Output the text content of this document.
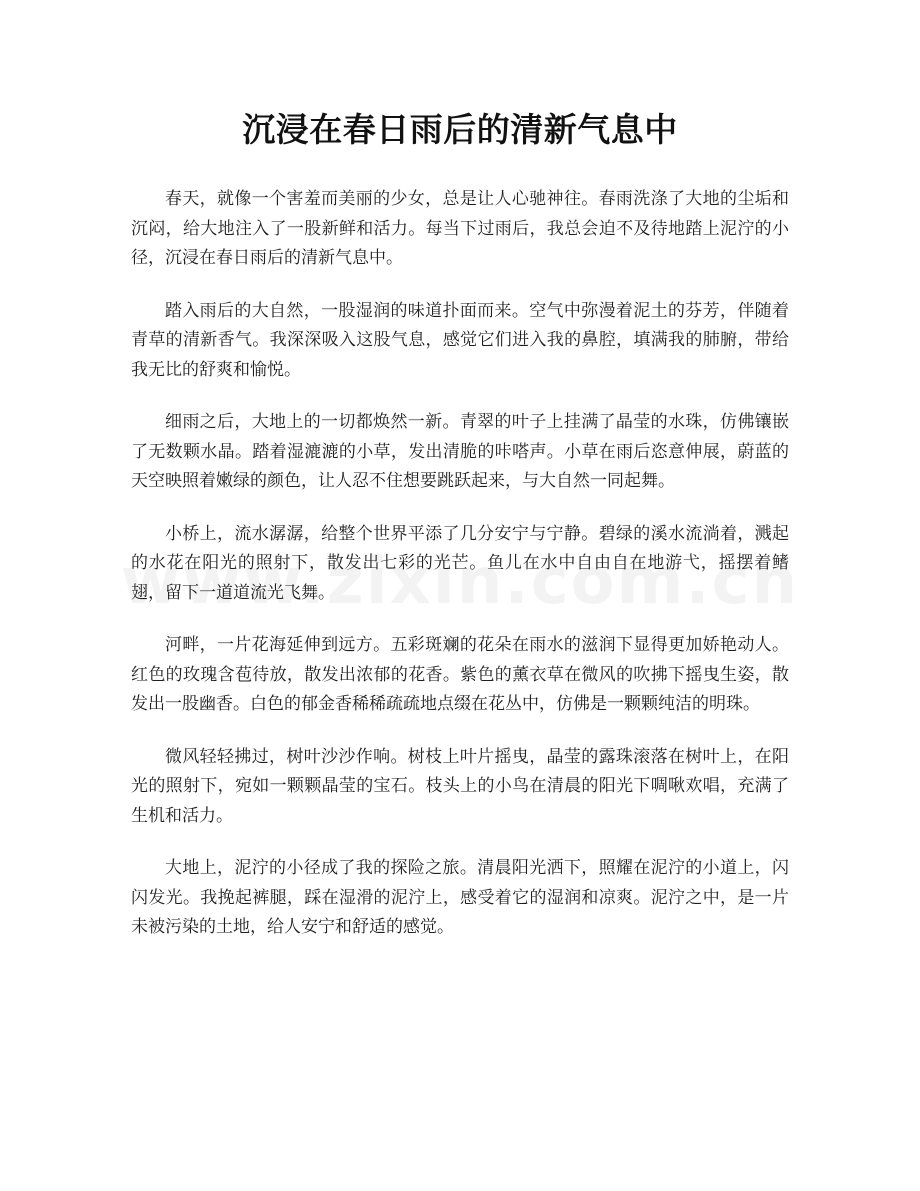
沉浸在春日雨后的清新气息中

春天，就像一个害羞而美丽的少女，总是让人心驰神往。春雨洗涤了大地的尘垢和沉闷，给大地注入了一股新鲜和活力。每当下过雨后，我总会迫不及待地踏上泥泞的小径，沉浸在春日雨后的清新气息中。

踏入雨后的大自然，一股湿润的味道扑面而来。空气中弥漫着泥土的芬芳，伴随着青草的清新香气。我深深吸入这股气息，感觉它们进入我的鼻腔，填满我的肺腑，带给我无比的舒爽和愉悦。

细雨之后，大地上的一切都焕然一新。青翠的叶子上挂满了晶莹的水珠，仿佛镶嵌了无数颗水晶。踏着湿漉漉的小草，发出清脆的咔嗒声。小草在雨后恣意伸展，蔚蓝的天空映照着嫩绿的颜色，让人忍不住想要跳跃起来，与大自然一同起舞。

小桥上，流水潺潺，给整个世界平添了几分安宁与宁静。碧绿的溪水流淌着，溅起的水花在阳光的照射下，散发出七彩的光芒。鱼儿在水中自由自在地游弋，摇摆着鳍翅，留下一道道流光飞舞。

河畔，一片花海延伸到远方。五彩斑斓的花朵在雨水的滋润下显得更加娇艳动人。红色的玫瑰含苞待放，散发出浓郁的花香。紫色的薰衣草在微风的吹拂下摇曳生姿，散发出一股幽香。白色的郁金香稀稀疏疏地点缀在花丛中，仿佛是一颗颗纯洁的明珠。

微风轻轻拂过，树叶沙沙作响。树枝上叶片摇曳，晶莹的露珠滚落在树叶上，在阳光的照射下，宛如一颗颗晶莹的宝石。枝头上的小鸟在清晨的阳光下啁啾欢唱，充满了生机和活力。

大地上，泥泞的小径成了我的探险之旅。清晨阳光洒下，照耀在泥泞的小道上，闪闪发光。我挽起裤腿，踩在湿滑的泥泞上，感受着它的湿润和凉爽。泥泞之中，是一片未被污染的土地，给人安宁和舒适的感觉。
